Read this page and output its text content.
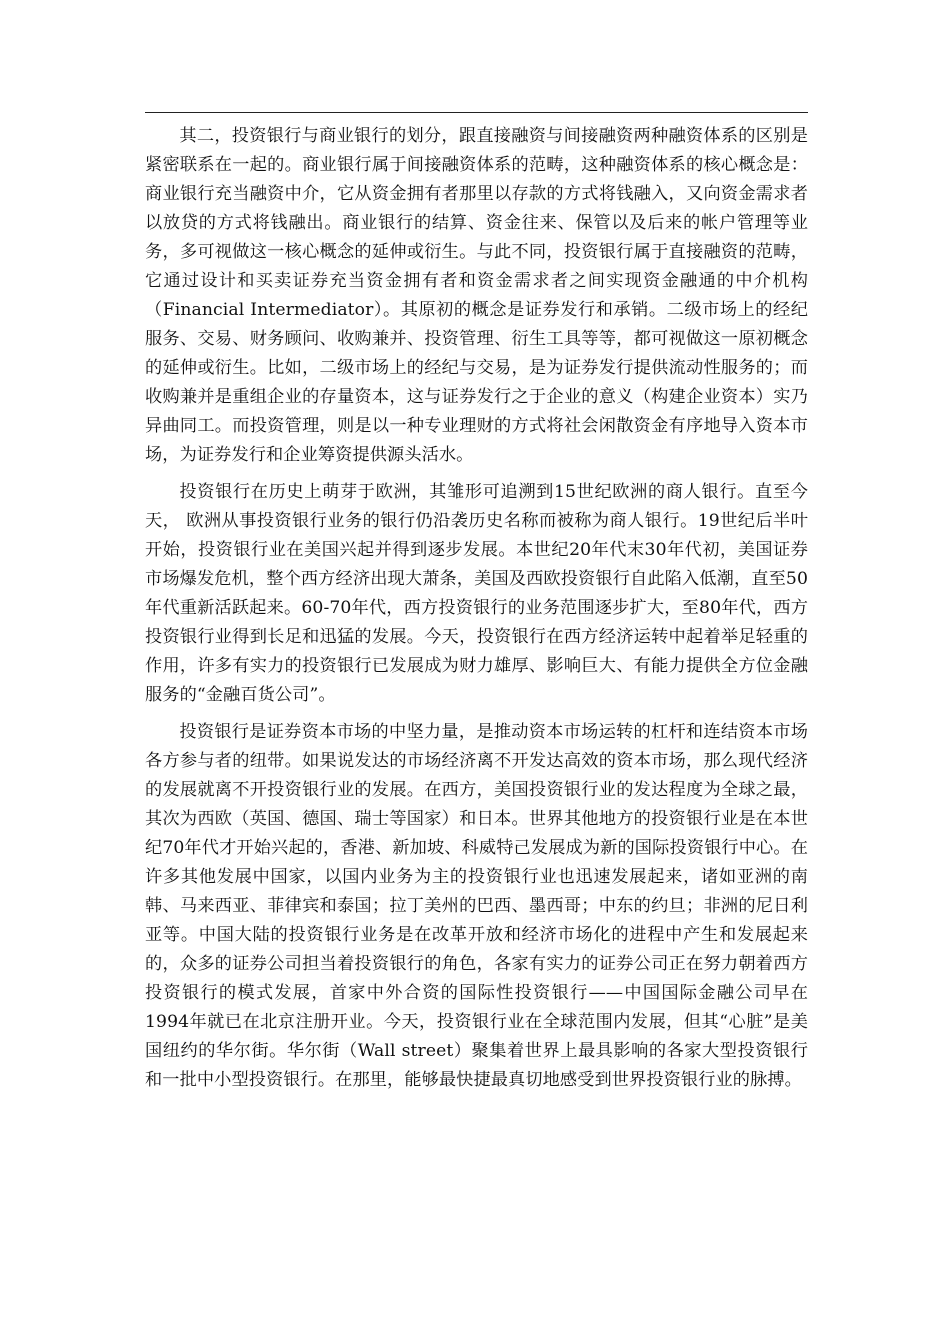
其二，投资银行与商业银行的划分，跟直接融资与间接融资两种融资体系的区别是紧密联系在一起的。商业银行属于间接融资体系的范畴，这种融资体系的核心概念是：商业银行充当融资中介，它从资金拥有者那里以存款的方式将钱融入，又向资金需求者以放贷的方式将钱融出。商业银行的结算、资金往来、保管以及后来的帐户管理等业务，多可视做这一核心概念的延伸或衍生。与此不同，投资银行属于直接融资的范畴，它通过设计和买卖证券充当资金拥有者和资金需求者之间实现资金融通的中介机构（Financial Intermediator）。其原初的概念是证券发行和承销。二级市场上的经纪服务、交易、财务顾问、收购兼并、投资管理、衍生工具等等，都可视做这一原初概念的延伸或衍生。比如，二级市场上的经纪与交易，是为证券发行提供流动性服务的；而收购兼并是重组企业的存量资本，这与证券发行之于企业的意义（构建企业资本）实乃异曲同工。而投资管理，则是以一种专业理财的方式将社会闲散资金有序地导入资本市场，为证券发行和企业筹资提供源头活水。

投资银行在历史上萌芽于欧洲，其雏形可追溯到15世纪欧洲的商人银行。直至今天， 欧洲从事投资银行业务的银行仍沿袭历史名称而被称为商人银行。19世纪后半叶开始，投资银行业在美国兴起并得到逐步发展。本世纪20年代末30年代初，美国证券市场爆发危机，整个西方经济出现大萧条，美国及西欧投资银行自此陷入低潮，直至50年代重新活跃起来。60-70年代，西方投资银行的业务范围逐步扩大，至80年代，西方投资银行业得到长足和迅猛的发展。今天，投资银行在西方经济运转中起着举足轻重的作用，许多有实力的投资银行已发展成为财力雄厚、影响巨大、有能力提供全方位金融服务的“金融百货公司”。

投资银行是证券资本市场的中坚力量，是推动资本市场运转的杠杆和连结资本市场各方参与者的纽带。如果说发达的市场经济离不开发达高效的资本市场，那么现代经济的发展就离不开投资银行业的发展。在西方，美国投资银行业的发达程度为全球之最，其次为西欧（英国、德国、瑞士等国家）和日本。世界其他地方的投资银行业是在本世纪70年代才开始兴起的，香港、新加坡、科威特己发展成为新的国际投资银行中心。在许多其他发展中国家，以国内业务为主的投资银行业也迅速发展起来，诸如亚洲的南韩、马来西亚、菲律宾和泰国；拉丁美州的巴西、墨西哥；中东的约旦；非洲的尼日利亚等。中国大陆的投资银行业务是在改革开放和经济市场化的进程中产生和发展起来的，众多的证券公司担当着投资银行的角色，各家有实力的证券公司正在努力朝着西方投资银行的模式发展，首家中外合资的国际性投资银行——中国国际金融公司早在1994年就已在北京注册开业。今天，投资银行业在全球范围内发展，但其“心脏”是美国纽约的华尔街。华尔街（Wall street）聚集着世界上最具影响的各家大型投资银行和一批中小型投资银行。在那里，能够最快捷最真切地感受到世界投资银行业的脉搏。
